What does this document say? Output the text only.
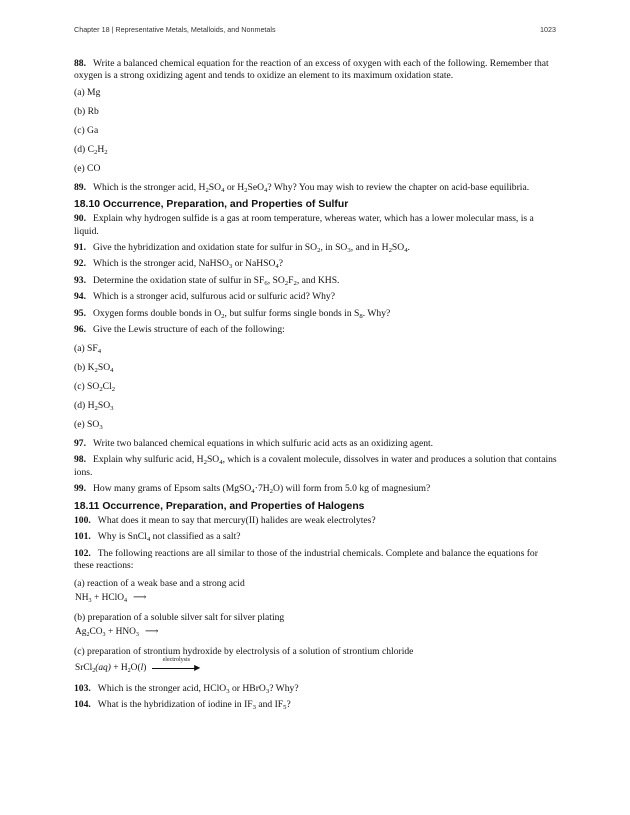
Chapter 18 | Representative Metals, Metalloids, and Nonmetals	1023

88. Write a balanced chemical equation for the reaction of an excess of oxygen with each of the following. Remember that oxygen is a strong oxidizing agent and tends to oxidize an element to its maximum oxidation state.

(a) Mg

(b) Rb

(c) Ga

(d) $C_2H_2$

(e) CO

89. Which is the stronger acid, $H_2SO_4$ or $H_2SeO_4$? Why? You may wish to review the chapter on acid-base equilibria.

18.10 Occurrence, Preparation, and Properties of Sulfur

90. Explain why hydrogen sulfide is a gas at room temperature, whereas water, which has a lower molecular mass, is a liquid.

91. Give the hybridization and oxidation state for sulfur in $SO_2$, in $SO_3$, and in $H_2SO_4$.

92. Which is the stronger acid, NaHSO$_3$ or NaHSO$_4$?

93. Determine the oxidation state of sulfur in $SF_6$, $SO_2F_2$, and KHS.

94. Which is a stronger acid, sulfurous acid or sulfuric acid? Why?

95. Oxygen forms double bonds in $O_2$, but sulfur forms single bonds in $S_8$. Why?

96. Give the Lewis structure of each of the following:

(a) $SF_4$

(b) $K_2SO_4$

(c) $SO_2Cl_2$

(d) $H_2SO_3$

(e) $SO_3$

97. Write two balanced chemical equations in which sulfuric acid acts as an oxidizing agent.

98. Explain why sulfuric acid, $H_2SO_4$, which is a covalent molecule, dissolves in water and produces a solution that contains ions.

99. How many grams of Epsom salts $(MgSO_4\cdot 7H_2O)$ will form from 5.0 kg of magnesium?

18.11 Occurrence, Preparation, and Properties of Halogens

100. What does it mean to say that mercury(II) halides are weak electrolytes?

101. Why is SnCl$_4$ not classified as a salt?

102. The following reactions are all similar to those of the industrial chemicals. Complete and balance the equations for these reactions:

(a) reaction of a weak base and a strong acid

$NH_3$ + HClO$_4$ ⟶

(b) preparation of a soluble silver salt for silver plating

$Ag_2CO_3 + HNO_3$ ⟶

(c) preparation of strontium hydroxide by electrolysis of a solution of strontium chloride

SrCl$_2$(aq) + $H_2O(l)$
electrolysis
▶

103. Which is the stronger acid, HClO$_3$ or HBrO$_3$? Why?

104. What is the hybridization of iodine in $IF_3$ and $IF_5$?
